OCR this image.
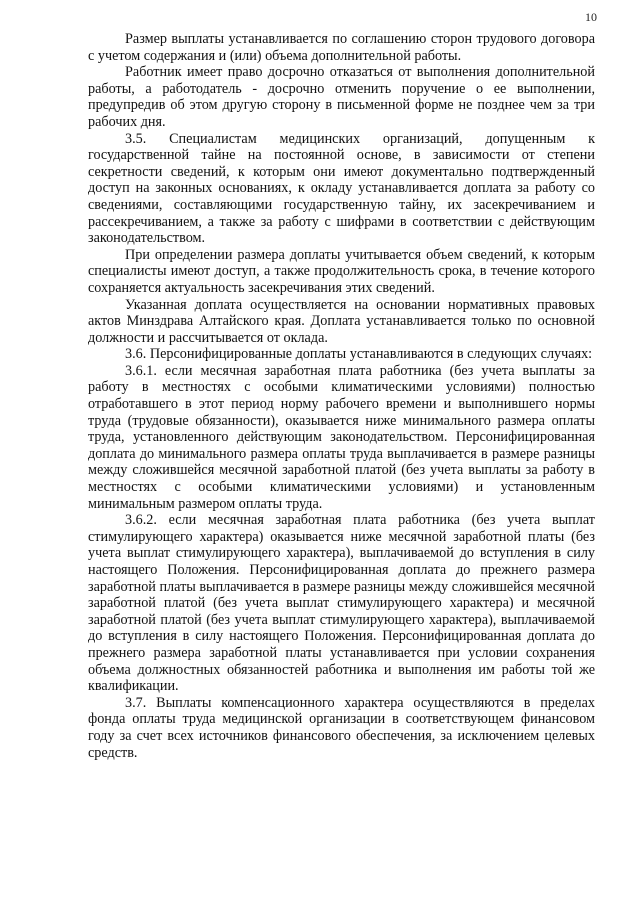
10

Размер выплаты устанавливается по соглашению сторон трудового договора с учетом содержания и (или) объема дополнительной работы.

Работник имеет право досрочно отказаться от выполнения дополнительной работы, а работодатель - досрочно отменить поручение о ее выполнении, предупредив об этом другую сторону в письменной форме не позднее чем за три рабочих дня.

3.5. Специалистам медицинских организаций, допущенным к государственной тайне на постоянной основе, в зависимости от степени секретности сведений, к которым они имеют документально подтвержденный доступ на законных основаниях, к окладу устанавливается доплата за работу со сведениями, составляющими государственную тайну, их засекречиванием и рассекречиванием, а также за работу с шифрами в соответствии с действующим законодательством.

При определении размера доплаты учитывается объем сведений, к которым специалисты имеют доступ, а также продолжительность срока, в течение которого сохраняется актуальность засекречивания этих сведений.

Указанная доплата осуществляется на основании нормативных правовых актов Минздрава Алтайского края. Доплата устанавливается только по основной должности и рассчитывается от оклада.

3.6. Персонифицированные доплаты устанавливаются в следующих случаях:

3.6.1. если месячная заработная плата работника (без учета выплаты за работу в местностях с особыми климатическими условиями) полностью отработавшего в этот период норму рабочего времени и выполнившего нормы труда (трудовые обязанности), оказывается ниже минимального размера оплаты труда, установленного действующим законодательством. Персонифицированная доплата до минимального размера оплаты труда выплачивается в размере разницы между сложившейся месячной заработной платой (без учета выплаты за работу в местностях с особыми климатическими условиями) и установленным минимальным размером оплаты труда.

3.6.2. если месячная заработная плата работника (без учета выплат стимулирующего характера) оказывается ниже месячной заработной платы (без учета выплат стимулирующего характера), выплачиваемой до вступления в силу настоящего Положения. Персонифицированная доплата до прежнего размера заработной платы выплачивается в размере разницы между сложившейся месячной заработной платой (без учета выплат стимулирующего характера) и месячной заработной платой (без учета выплат стимулирующего характера), выплачиваемой до вступления в силу настоящего Положения. Персонифицированная доплата до прежнего размера заработной платы устанавливается при условии сохранения объема должностных обязанностей работника и выполнения им работы той же квалификации.

3.7. Выплаты компенсационного характера осуществляются в пределах фонда оплаты труда медицинской организации в соответствующем финансовом году за счет всех источников финансового обеспечения, за исключением целевых средств.
